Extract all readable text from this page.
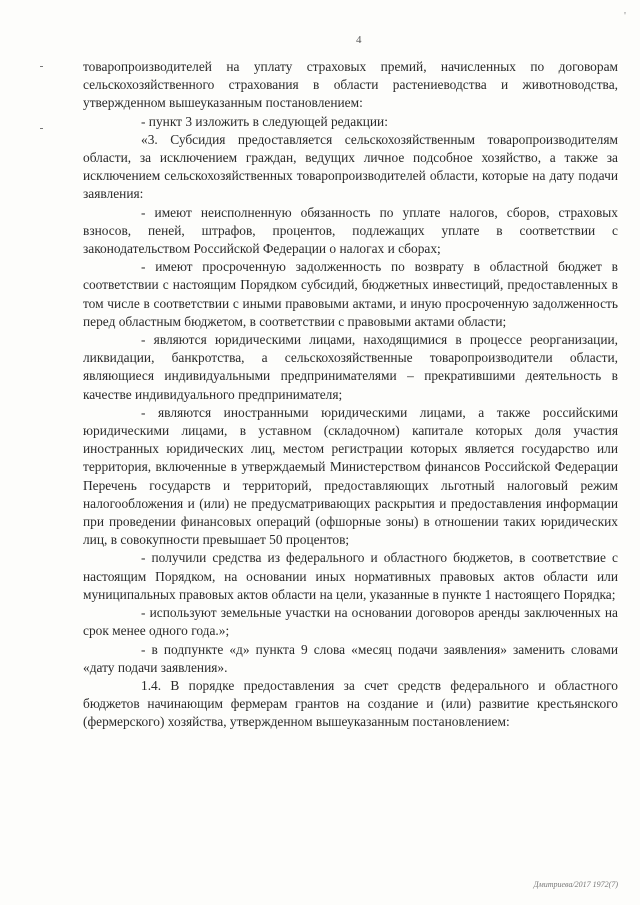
'
4

товаропроизводителей на уплату страховых премий, начисленных по договорам сельскохозяйственного страхования в области растениеводства и животноводства, утвержденном вышеуказанным постановлением:

- пункт 3 изложить в следующей редакции:

«3. Субсидия предоставляется сельскохозяйственным товаропроизводителям области, за исключением граждан, ведущих личное подсобное хозяйство, а также за исключением сельскохозяйственных товаропроизводителей области, которые на дату подачи заявления:

- имеют неисполненную обязанность по уплате налогов, сборов, страховых взносов, пеней, штрафов, процентов, подлежащих уплате в соответствии с законодательством Российской Федерации о налогах и сборах;

- имеют просроченную задолженность по возврату в областной бюджет в соответствии с настоящим Порядком субсидий, бюджетных инвестиций, предоставленных в том числе в соответствии с иными правовыми актами, и иную просроченную задолженность перед областным бюджетом, в соответствии с правовыми актами области;

- являются юридическими лицами, находящимися в процессе реорганизации, ликвидации, банкротства, а сельскохозяйственные товаропроизводители области, являющиеся индивидуальными предпринимателями – прекратившими деятельность в качестве индивидуального предпринимателя;

- являются иностранными юридическими лицами, а также российскими юридическими лицами, в уставном (складочном) капитале которых доля участия иностранных юридических лиц, местом регистрации которых является государство или территория, включенные в утверждаемый Министерством финансов Российской Федерации Перечень государств и территорий, предоставляющих льготный налоговый режим налогообложения и (или) не предусматривающих раскрытия и предоставления информации при проведении финансовых операций (офшорные зоны) в отношении таких юридических лиц, в совокупности превышает 50 процентов;

- получили средства из федерального и областного бюджетов, в соответствие с настоящим Порядком, на основании иных нормативных правовых актов области или муниципальных правовых актов области на цели, указанные в пункте 1 настоящего Порядка;

- используют земельные участки на основании договоров аренды заключенных на срок менее одного года.»;

- в подпункте «д» пункта 9 слова «месяц подачи заявления» заменить словами «дату подачи заявления».

1.4. В порядке предоставления за счет средств федерального и областного бюджетов начинающим фермерам грантов на создание и (или) развитие крестьянского (фермерского) хозяйства, утвержденном вышеуказанным постановлением:

Дмитриева/2017 1972(7)
